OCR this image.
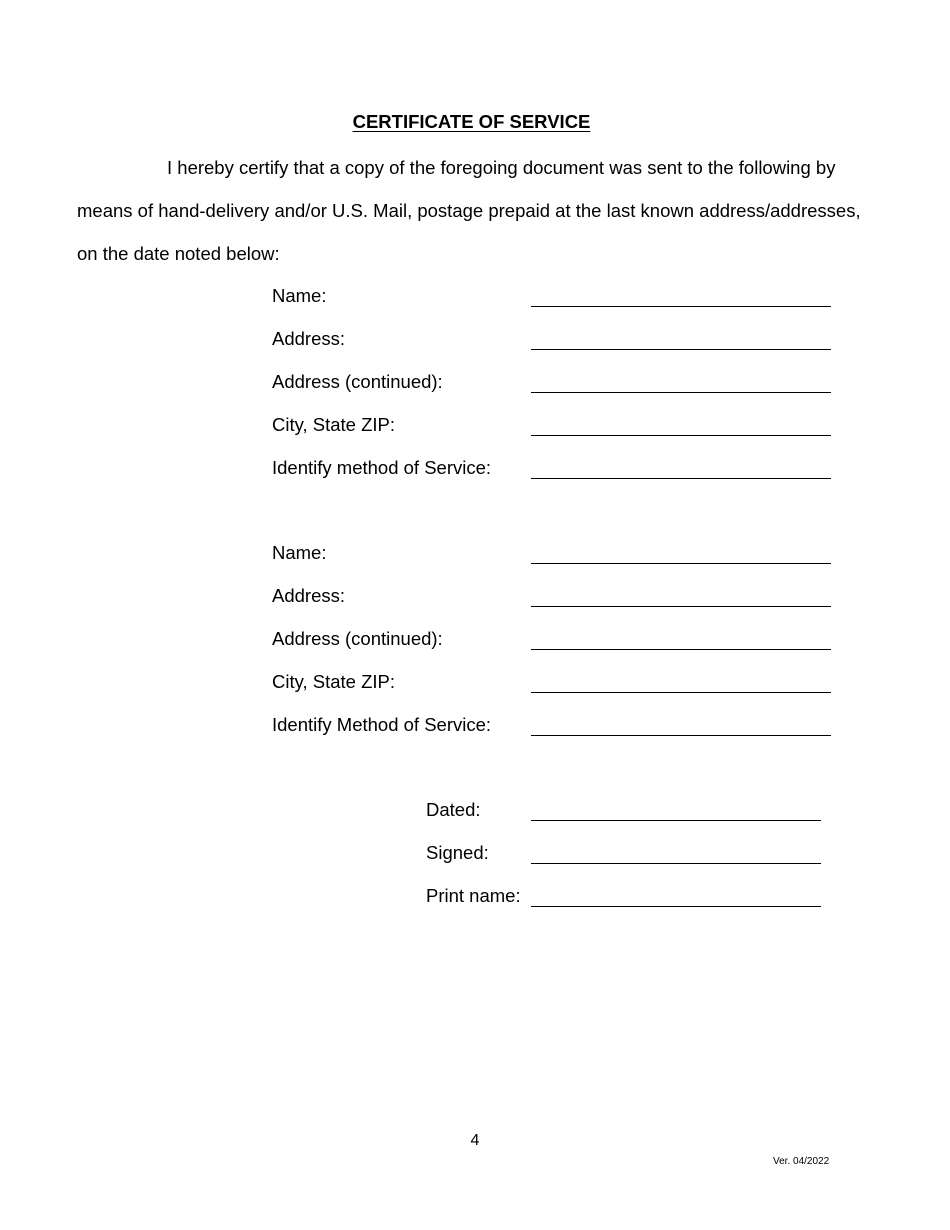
CERTIFICATE OF SERVICE
I hereby certify that a copy of the foregoing document was sent to the following by
means of hand-delivery and/or U.S. Mail, postage prepaid at the last known address/addresses,
on the date noted below:
Name:
Address:
Address (continued):
City, State ZIP:
Identify method of Service:
Name:
Address:
Address (continued):
City, State ZIP:
Identify Method of Service:
Dated:
Signed:
Print name:
4
Ver. 04/2022
